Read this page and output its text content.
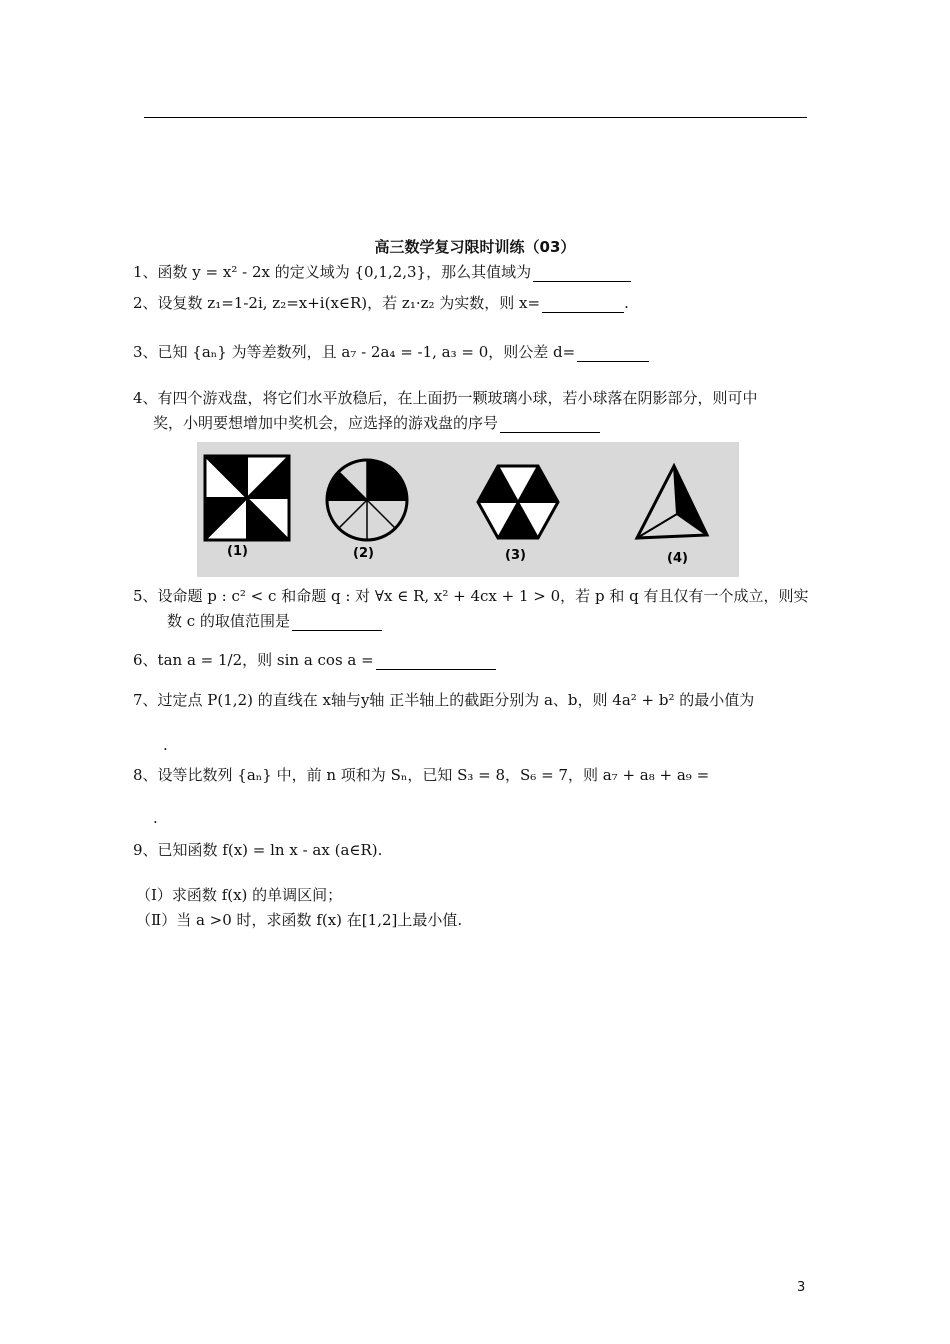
高三数学复习限时训练（03）
1、函数 y = x² - 2x 的定义域为 {0,1,2,3}，那么其值域为
2、设复数 z₁=1-2i, z₂=x+i(x∈R)，若 z₁·z₂ 为实数，则 x=	.
3、已知 {aₙ} 为等差数列，且 a₇ - 2a₄ = -1, a₃ = 0，则公差 d=
4、有四个游戏盘，将它们水平放稳后，在上面扔一颗玻璃小球，若小球落在阴影部分，则可中
奖，小明要想增加中奖机会，应选择的游戏盘的序号
(1)	(2)	(3)	(4)
5、设命题 p : c² < c 和命题 q : 对 ∀x ∈ R, x² + 4cx + 1 > 0，若 p 和 q 有且仅有一个成立，则实
数 c 的取值范围是
6、tan a = 1/2，则 sin a cos a =
7、过定点 P(1,2) 的直线在 x轴与y轴 正半轴上的截距分别为 a、b，则 4a² + b² 的最小值为
.
8、设等比数列 {aₙ} 中，前 n 项和为 Sₙ，已知 S₃ = 8，S₆ = 7，则 a₇ + a₈ + a₉ =
.
9、已知函数 f(x) = ln x - ax (a∈R).
（Ⅰ）求函数 f(x) 的单调区间；
（Ⅱ）当 a >0 时，求函数 f(x) 在[1,2]上最小值.
3
